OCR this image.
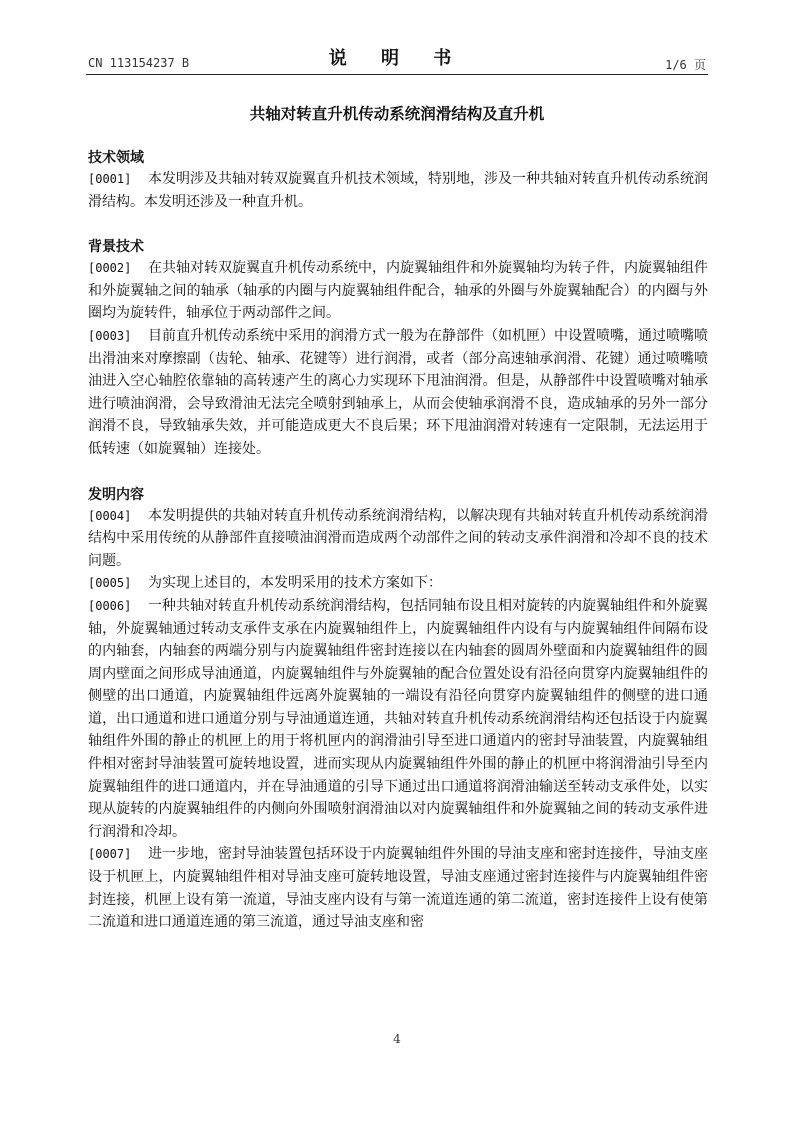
CN 113154237 B	说 明 书	1/6 页
共轴对转直升机传动系统润滑结构及直升机
技术领域

[0001] 本发明涉及共轴对转双旋翼直升机技术领域，特别地，涉及一种共轴对转直升机传动系统润滑结构。本发明还涉及一种直升机。

背景技术

[0002] 在共轴对转双旋翼直升机传动系统中，内旋翼轴组件和外旋翼轴均为转子件，内旋翼轴组件和外旋翼轴之间的轴承（轴承的内圈与内旋翼轴组件配合，轴承的外圈与外旋翼轴配合）的内圈与外圈均为旋转件，轴承位于两动部件之间。

[0003] 目前直升机传动系统中采用的润滑方式一般为在静部件（如机匣）中设置喷嘴，通过喷嘴喷出滑油来对摩擦副（齿轮、轴承、花键等）进行润滑，或者（部分高速轴承润滑、花键）通过喷嘴喷油进入空心轴腔依靠轴的高转速产生的离心力实现环下甩油润滑。但是，从静部件中设置喷嘴对轴承进行喷油润滑，会导致滑油无法完全喷射到轴承上，从而会使轴承润滑不良，造成轴承的另外一部分润滑不良，导致轴承失效，并可能造成更大不良后果；环下甩油润滑对转速有一定限制，无法运用于低转速（如旋翼轴）连接处。

发明内容

[0004] 本发明提供的共轴对转直升机传动系统润滑结构，以解决现有共轴对转直升机传动系统润滑结构中采用传统的从静部件直接喷油润滑而造成两个动部件之间的转动支承件润滑和冷却不良的技术问题。

[0005] 为实现上述目的，本发明采用的技术方案如下：

[0006] 一种共轴对转直升机传动系统润滑结构，包括同轴布设且相对旋转的内旋翼轴组件和外旋翼轴，外旋翼轴通过转动支承件支承在内旋翼轴组件上，内旋翼轴组件内设有与内旋翼轴组件间隔布设的内轴套，内轴套的两端分别与内旋翼轴组件密封连接以在内轴套的圆周外壁面和内旋翼轴组件的圆周内壁面之间形成导油通道，内旋翼轴组件与外旋翼轴的配合位置处设有沿径向贯穿内旋翼轴组件的侧壁的出口通道，内旋翼轴组件远离外旋翼轴的一端设有沿径向贯穿内旋翼轴组件的侧壁的进口通道，出口通道和进口通道分别与导油通道连通，共轴对转直升机传动系统润滑结构还包括设于内旋翼轴组件外围的静止的机匣上的用于将机匣内的润滑油引导至进口通道内的密封导油装置，内旋翼轴组件相对密封导油装置可旋转地设置，进而实现从内旋翼轴组件外围的静止的机匣中将润滑油引导至内旋翼轴组件的进口通道内，并在导油通道的引导下通过出口通道将润滑油输送至转动支承件处，以实现从旋转的内旋翼轴组件的内侧向外围喷射润滑油以对内旋翼轴组件和外旋翼轴之间的转动支承件进行润滑和冷却。

[0007] 进一步地，密封导油装置包括环设于内旋翼轴组件外围的导油支座和密封连接件，导油支座设于机匣上，内旋翼轴组件相对导油支座可旋转地设置，导油支座通过密封连接件与内旋翼轴组件密封连接，机匣上设有第一流道，导油支座内设有与第一流道连通的第二流道，密封连接件上设有使第二流道和进口通道连通的第三流道，通过导油支座和密

4
